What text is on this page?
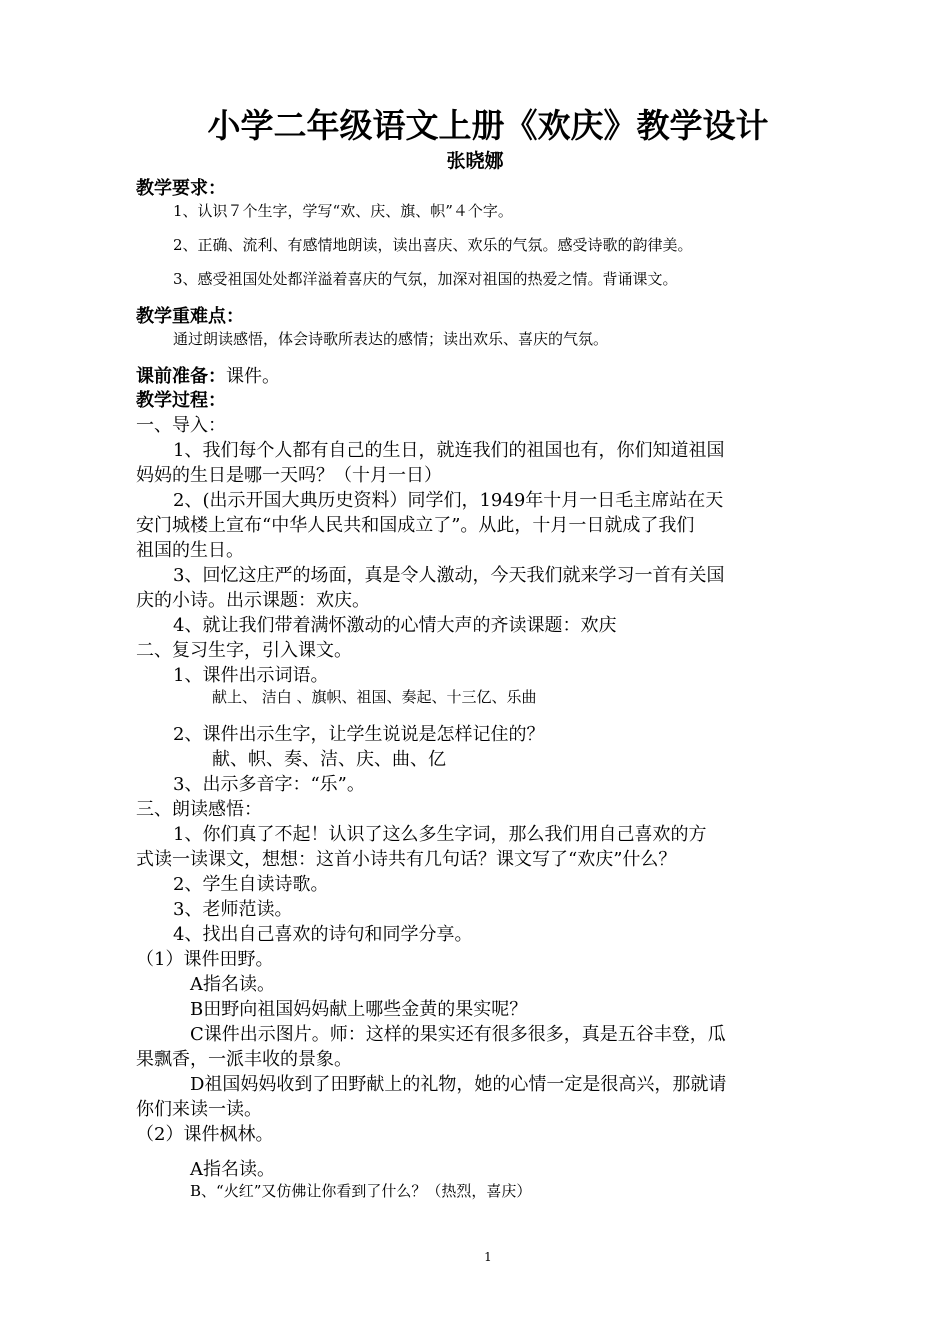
小学二年级语文上册《欢庆》教学设计
张晓娜
教学要求：
1、认识７个生字，学写“欢、庆、旗、帜”４个字。
2、正确、流利、有感情地朗读，读出喜庆、欢乐的气氛。感受诗歌的韵律美。
3、感受祖国处处都洋溢着喜庆的气氛，加深对祖国的热爱之情。背诵课文。
教学重难点：
通过朗读感悟，体会诗歌所表达的感情；读出欢乐、喜庆的气氛。
课前准备：课件。
教学过程：
一、导入：
1、我们每个人都有自己的生日，就连我们的祖国也有，你们知道祖国
妈妈的生日是哪一天吗？（十月一日）
2、(出示开国大典历史资料）同学们，1949年十月一日毛主席站在天
安门城楼上宣布“中华人民共和国成立了”。从此，十月一日就成了我们
祖国的生日。
3、回忆这庄严的场面，真是令人激动，今天我们就来学习一首有关国
庆的小诗。出示课题：欢庆。
4、就让我们带着满怀激动的心情大声的齐读课题：欢庆
二、复习生字，引入课文。
1、课件出示词语。
献上、 洁白 、旗帜、祖国、奏起、十三亿、乐曲
2、课件出示生字，让学生说说是怎样记住的？
献、帜、奏、洁、庆、曲、亿
3、出示多音字：“乐”。
三、朗读感悟：
1、你们真了不起！认识了这么多生字词，那么我们用自己喜欢的方
式读一读课文，想想：这首小诗共有几句话？课文写了“欢庆”什么？
2、学生自读诗歌。
3、老师范读。
4、找出自己喜欢的诗句和同学分享。
（1）课件田野。
A指名读。
B田野向祖国妈妈献上哪些金黄的果实呢？
C课件出示图片。师：这样的果实还有很多很多，真是五谷丰登，瓜
果飘香，一派丰收的景象。
D祖国妈妈收到了田野献上的礼物，她的心情一定是很高兴，那就请
你们来读一读。
（2）课件枫林。
A指名读。
B、“火红”又仿佛让你看到了什么？（热烈，喜庆）
1
